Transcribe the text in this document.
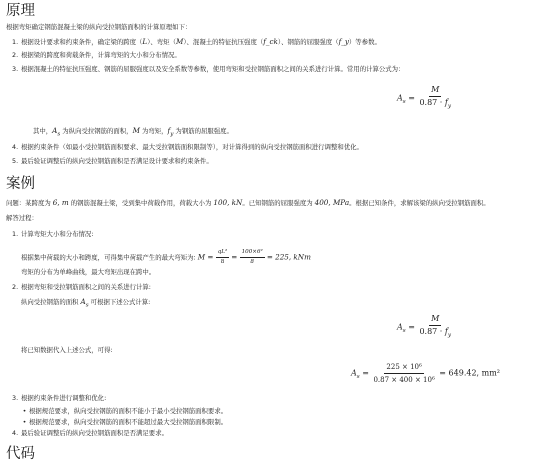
原理
根据弯矩确定钢筋混凝土梁的纵向受拉钢筋面积的计算原理如下：
1. 根据设计要求和约束条件，确定梁的跨度（L）、弯矩（M）、混凝土的特征抗压强度（f_ck）、钢筋的屈服强度（f_y）等参数。
2. 根据梁的跨度和荷载条件，计算弯矩的大小和分布情况。
3. 根据混凝土的特征抗压强度、钢筋的屈服强度以及安全系数等参数，使用弯矩和受拉钢筋面积之间的关系进行计算。常用的计算公式为：
$A_s = \frac{M}{0.87 \cdot f_y}$
其中，$A_s$ 为纵向受拉钢筋的面积，M 为弯矩，$f_y$ 为钢筋的屈服强度。
4. 根据约束条件（如最小受拉钢筋面积要求、最大受拉钢筋面积限制等），对计算得到的纵向受拉钢筋面积进行调整和优化。
5. 最后验证调整后的纵向受拉钢筋面积是否满足设计要求和约束条件。
案例
问题：某跨度为 6, m 的钢筋混凝土梁，受到集中荷载作用，荷载大小为 100, kN。已知钢筋的屈服强度为 400, MPa。根据已知条件，求解该梁的纵向受拉钢筋面积。
解答过程：
1. 计算弯矩大小和分布情况:
根据集中荷载的大小和跨度，可得集中荷载产生的最大弯矩为: $M = \frac{\text{qL²}}{8} = \frac{\text{100×6²}}{8} = 225$, kNm
弯矩的分布为单峰曲线，最大弯矩出现在跨中。
2. 根据弯矩和受拉钢筋面积之间的关系进行计算:
纵向受拉钢筋的面积 $A_s$ 可根据下述公式计算:
$A_s = \frac{M}{0.87 \cdot f_y}$
将已知数据代入上述公式，可得:
$A_s = \frac{\text{225 × 10⁶}}{\text{0.87 × 400 × 10⁶}} = 649.42$, mm²
3. 根据约束条件进行调整和优化:
• 根据规范要求，纵向受拉钢筋的面积不能小于最小受拉钢筋面积要求。
• 根据规范要求，纵向受拉钢筋的面积不能超过最大受拉钢筋面积限制。
4. 最后验证调整后的纵向受拉钢筋面积是否满足要求。
代码
